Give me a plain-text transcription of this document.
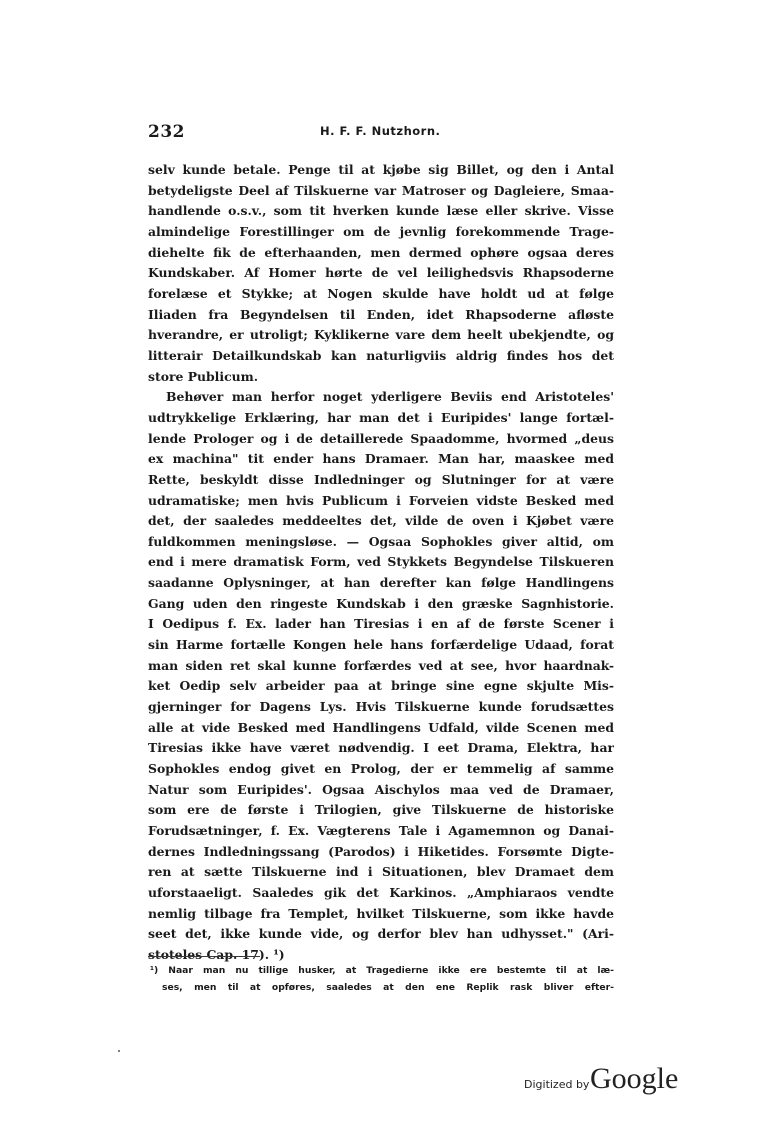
232	H. F. F. Nutzhorn.
selv kunde betale. Penge til at kjøbe sig Billet, og den i Antal
betydeligste Deel af Tilskuerne var Matroser og Dagleiere, Smaa-
handlende o.s.v., som tit hverken kunde læse eller skrive. Visse
almindelige Forestillinger om de jevnlig forekommende Trage-
diehelte fik de efterhaanden, men dermed ophøre ogsaa deres
Kundskaber. Af Homer hørte de vel leilighedsvis Rhapsoderne
forelæse et Stykke; at Nogen skulde have holdt ud at følge
Iliaden fra Begyndelsen til Enden, idet Rhapsoderne afløste
hverandre, er utroligt; Kyklikerne vare dem heelt ubekjendte, og
litterair Detailkundskab kan naturligviis aldrig findes hos det
store Publicum.
Behøver man herfor noget yderligere Beviis end Aristoteles'
udtrykkelige Erklæring, har man det i Euripides' lange fortæl-
lende Prologer og i de detaillerede Spaadomme, hvormed „deus
ex machina" tit ender hans Dramaer. Man har, maaskee med
Rette, beskyldt disse Indledninger og Slutninger for at være
udramatiske; men hvis Publicum i Forveien vidste Besked med
det, der saaledes meddeeltes det, vilde de oven i Kjøbet være
fuldkommen meningsløse. — Ogsaa Sophokles giver altid, om
end i mere dramatisk Form, ved Stykkets Begyndelse Tilskueren
saadanne Oplysninger, at han derefter kan følge Handlingens
Gang uden den ringeste Kundskab i den græske Sagnhistorie.
I Oedipus f. Ex. lader han Tiresias i en af de første Scener i
sin Harme fortælle Kongen hele hans forfærdelige Udaad, forat
man siden ret skal kunne forfærdes ved at see, hvor haardnak-
ket Oedip selv arbeider paa at bringe sine egne skjulte Mis-
gjerninger for Dagens Lys. Hvis Tilskuerne kunde forudsættes
alle at vide Besked med Handlingens Udfald, vilde Scenen med
Tiresias ikke have været nødvendig. I eet Drama, Elektra, har
Sophokles endog givet en Prolog, der er temmelig af samme
Natur som Euripides'. Ogsaa Aischylos maa ved de Dramaer,
som ere de første i Trilogien, give Tilskuerne de historiske
Forudsætninger, f. Ex. Vægterens Tale i Agamemnon og Danai-
dernes Indledningssang (Parodos) i Hiketides. Forsømte Digte-
ren at sætte Tilskuerne ind i Situationen, blev Dramaet dem
uforstaaeligt. Saaledes gik det Karkinos. „Amphiaraos vendte
nemlig tilbage fra Templet, hvilket Tilskuerne, som ikke havde
seet det, ikke kunde vide, og derfor blev han udhysset." (Ari-
stoteles Cap. 17). ¹)
¹) Naar man nu tillige husker, at Tragedierne ikke ere bestemte til at læ-
ses, men til at opføres, saaledes at den ene Replik rask bliver efter-
Digitized by Google
